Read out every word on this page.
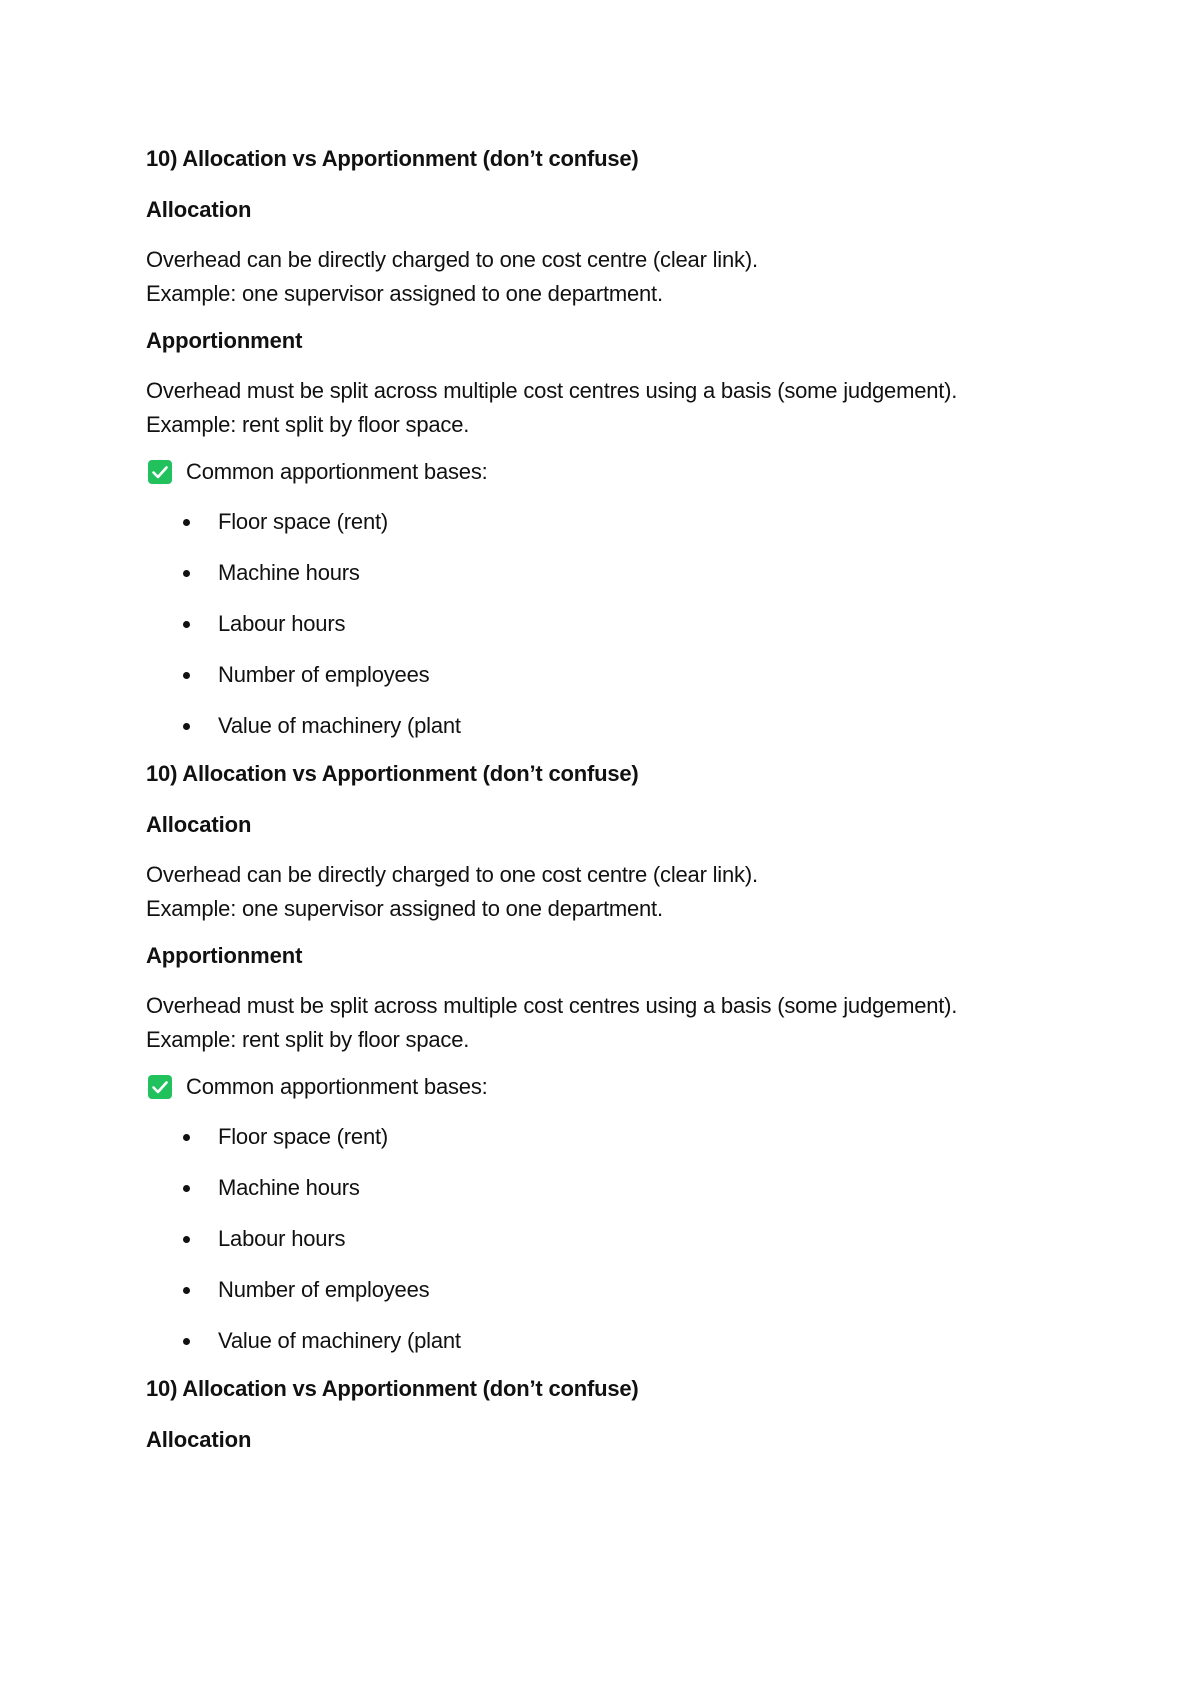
10) Allocation vs Apportionment (don’t confuse)

Allocation

Overhead can be directly charged to one cost centre (clear link).
Example: one supervisor assigned to one department.

Apportionment

Overhead must be split across multiple cost centres using a basis (some judgement).
Example: rent split by floor space.

Common apportionment bases:
Floor space (rent)
Machine hours
Labour hours
Number of employees
Value of machinery (plant

10) Allocation vs Apportionment (don’t confuse)

Allocation

Overhead can be directly charged to one cost centre (clear link).
Example: one supervisor assigned to one department.

Apportionment

Overhead must be split across multiple cost centres using a basis (some judgement).
Example: rent split by floor space.

Common apportionment bases:
Floor space (rent)
Machine hours
Labour hours
Number of employees
Value of machinery (plant

10) Allocation vs Apportionment (don’t confuse)

Allocation
